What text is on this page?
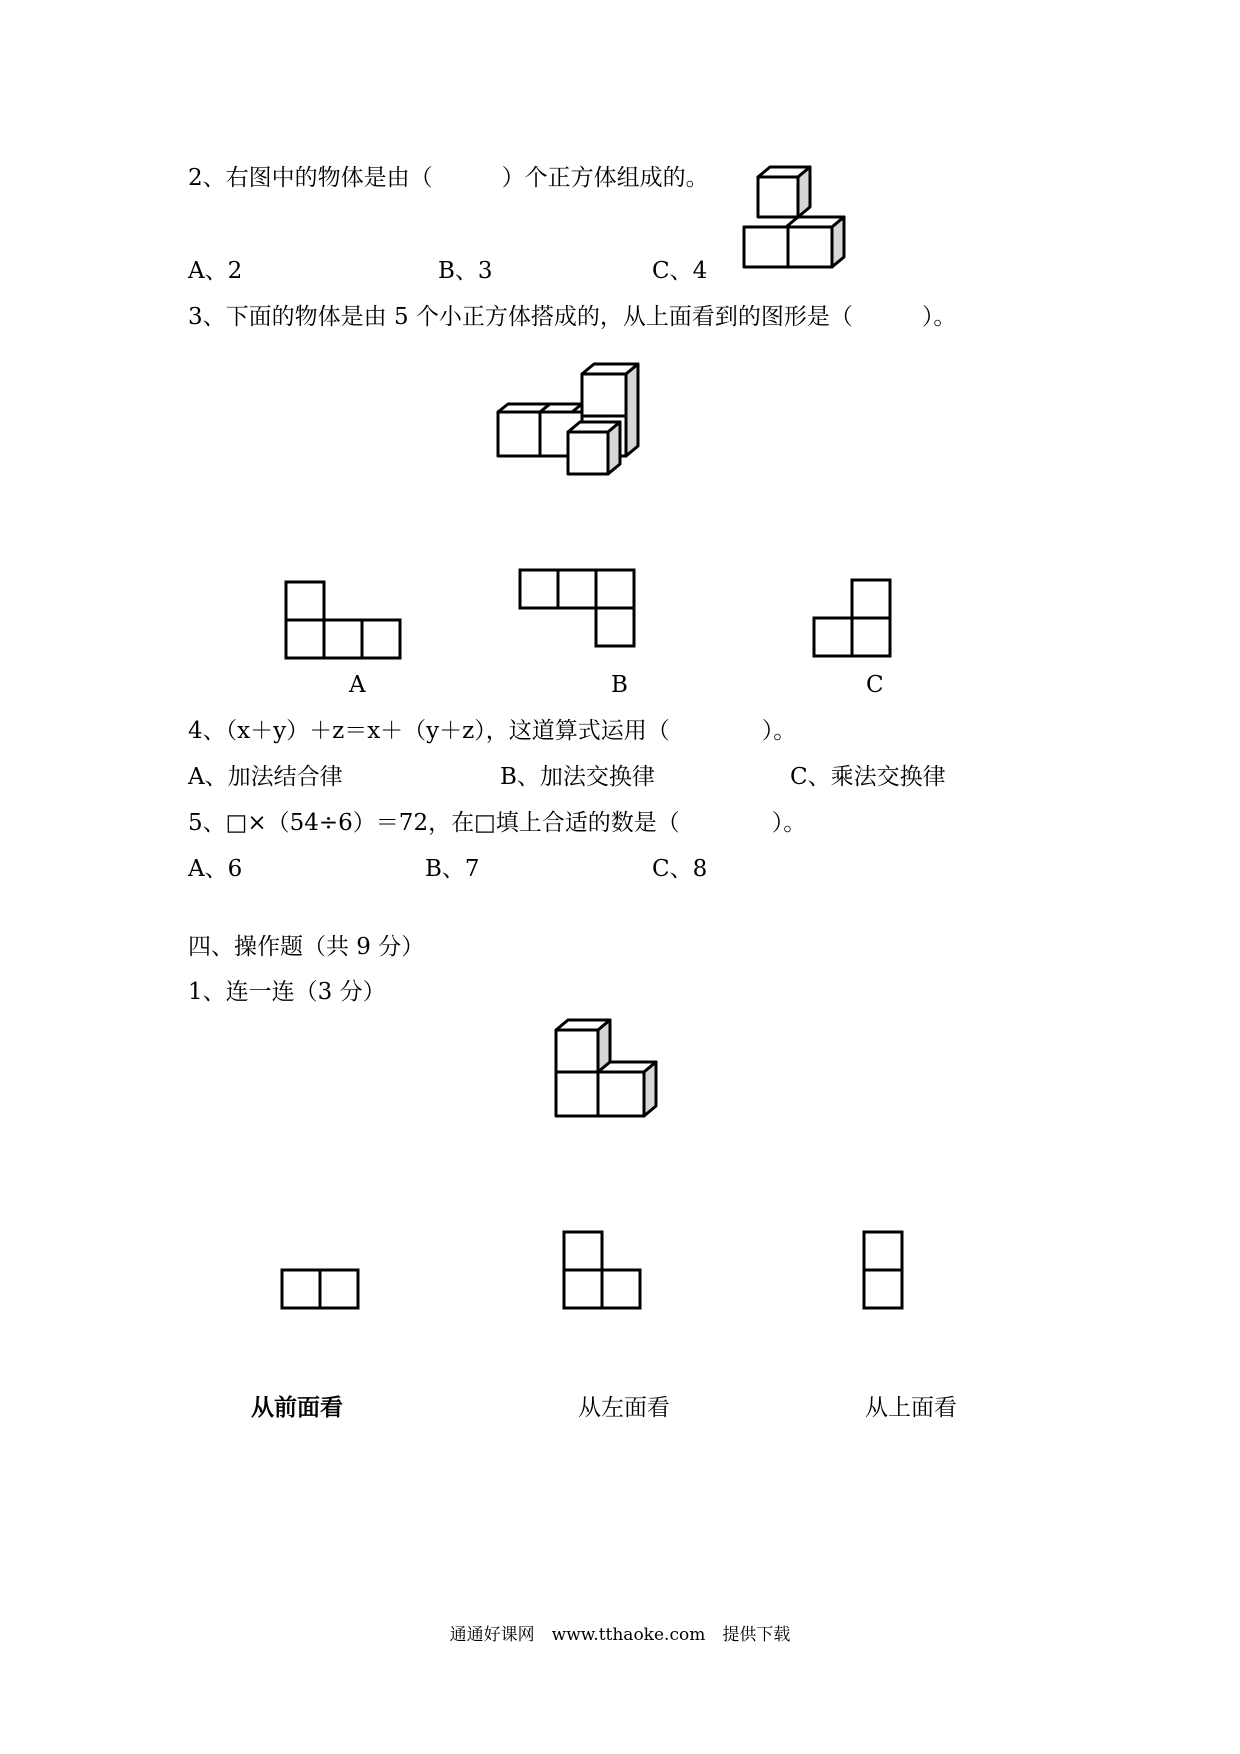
2、右图中的物体是由（　　　）个正方体组成的。
A、2	B、3	C、4
3、下面的物体是由 5 个小正方体搭成的，从上面看到的图形是（　　　）。
A	B	C
4、（x＋y）＋z＝x＋（y＋z），这道算式运用（　　　　）。
A、加法结合律	B、加法交换律	C、乘法交换律
5、□×（54÷6）＝72，在□填上合适的数是（　　　　）。
A、6	B、7	C、8
四、操作题（共 9 分）
1、连一连（3 分）
从前面看	从左面看	从上面看
通通好课网　www.tthaoke.com　提供下载
